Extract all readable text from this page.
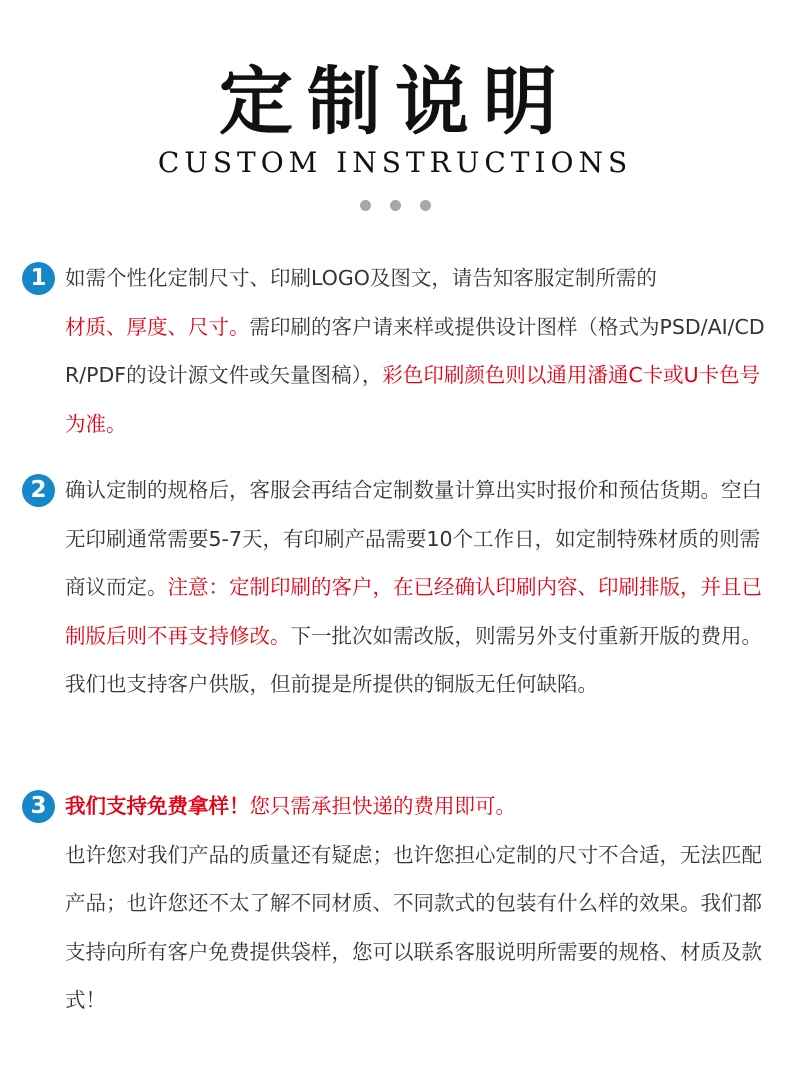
定制说明
CUSTOM INSTRUCTIONS
1 如需个性化定制尺寸、印刷LOGO及图文，请告知客服定制所需的
材质、厚度、尺寸。需印刷的客户请来样或提供设计图样（格式为PSD/AI/CDR/PDF的设计源文件或矢量图稿），彩色印刷颜色则以通用潘通C卡或U卡色号为准。
2 确认定制的规格后，客服会再结合定制数量计算出实时报价和预估货期。空白无印刷通常需要5-7天，有印刷产品需要10个工作日，如定制特殊材质的则需商议而定。注意：定制印刷的客户，在已经确认印刷内容、印刷排版，并且已制版后则不再支持修改。下一批次如需改版，则需另外支付重新开版的费用。我们也支持客户供版，但前提是所提供的铜版无任何缺陷。
3 我们支持免费拿样！您只需承担快递的费用即可。
也许您对我们产品的质量还有疑虑；也许您担心定制的尺寸不合适，无法匹配产品；也许您还不太了解不同材质、不同款式的包装有什么样的效果。我们都支持向所有客户免费提供袋样，您可以联系客服说明所需要的规格、材质及款式！
